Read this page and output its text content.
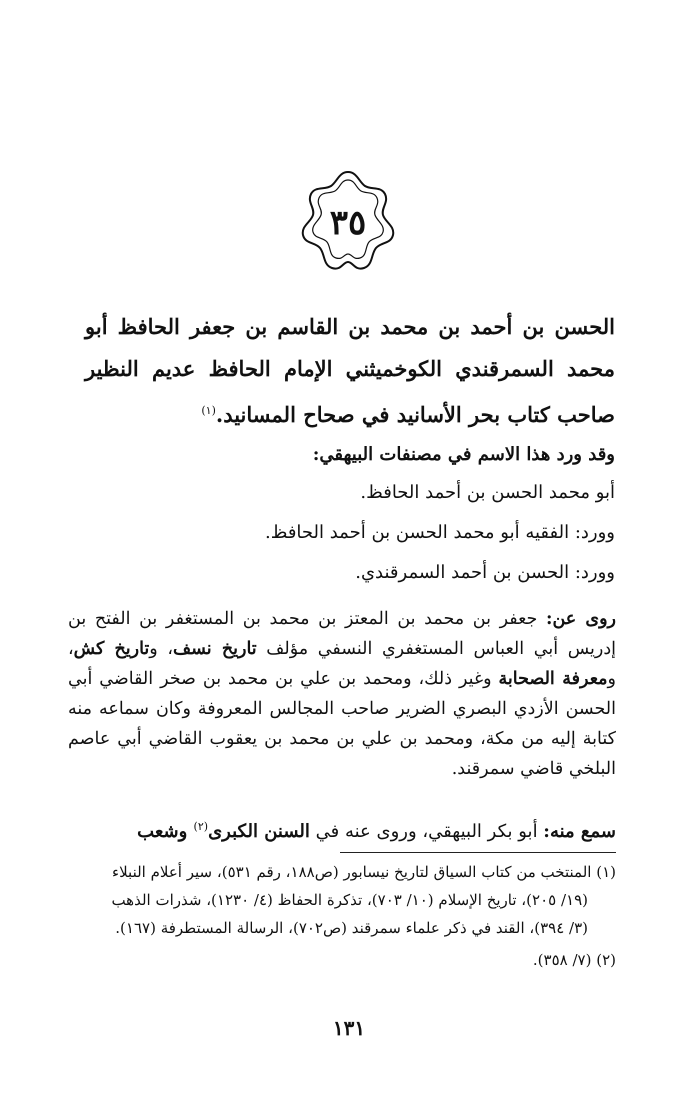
٣٥
الحسن بن أحمد بن محمد بن القاسم بن جعفر الحافظ أبو محمد السمرقندي الكوخميثني الإمام الحافظ عديم النظير صاحب كتاب بحر الأسانيد في صحاح المسانيد.$^{(١)}$

وقد ورد هذا الاسم في مصنفات البيهقي:

أبو محمد الحسن بن أحمد الحافظ.

وورد: الفقيه أبو محمد الحسن بن أحمد الحافظ.

وورد: الحسن بن أحمد السمرقندي.

روى عن: جعفر بن محمد بن المعتز بن محمد بن المستغفر بن الفتح بن إدريس أبي العباس المستغفري النسفي مؤلف تاريخ نسف، وتاريخ كش، ومعرفة الصحابة وغير ذلك، ومحمد بن علي بن محمد بن صخر القاضي أبي الحسن الأزدي البصري الضرير صاحب المجالس المعروفة وكان سماعه منه كتابة إليه من مكة، ومحمد بن علي بن محمد بن يعقوب القاضي أبي عاصم البلخي قاضي سمرقند.
سمع منه: أبو بكر البيهقي، وروى عنه في السنن الكبرى$^{(٢)}$ وشعب

(١) المنتخب من كتاب السياق لتاريخ نيسابور (ص١٨٨، رقم ٥٣١)، سير أعلام النبلاء

(١٩/ ٢٠٥)، تاريخ الإسلام (١٠/ ٧٠٣)، تذكرة الحفاظ (٤/ ١٢٣٠)، شذرات الذهب

(٣/ ٣٩٤)، القند في ذكر علماء سمرقند (ص٧٠٢)، الرسالة المستطرفة (١٦٧).

(٢) (٧/ ٣٥٨).

١٣١
